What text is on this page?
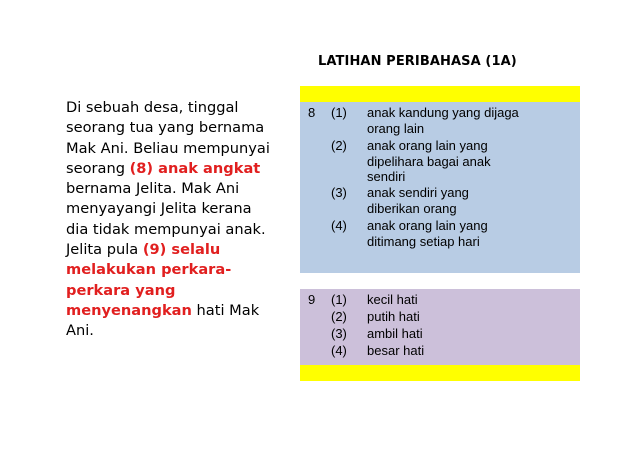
LATIHAN PERIBAHASA (1A)
Di sebuah desa, tinggal
seorang tua yang bernama
Mak Ani. Beliau mempunyai
seorang (8) anak angkat
bernama Jelita. Mak Ani
menyayangi Jelita kerana
dia tidak mempunyai anak.
Jelita pula (9) selalu
melakukan perkara-
perkara yang
menyenangkan hati Mak
Ani.
8 (1) anak kandung yang dijaga
orang lain
(2) anak orang lain yang
dipelihara bagai anak
sendiri
(3) anak sendiri yang
diberikan orang
(4) anak orang lain yang
ditimang setiap hari
9 (1) kecil hati
(2) putih hati
(3) ambil hati
(4) besar hati
